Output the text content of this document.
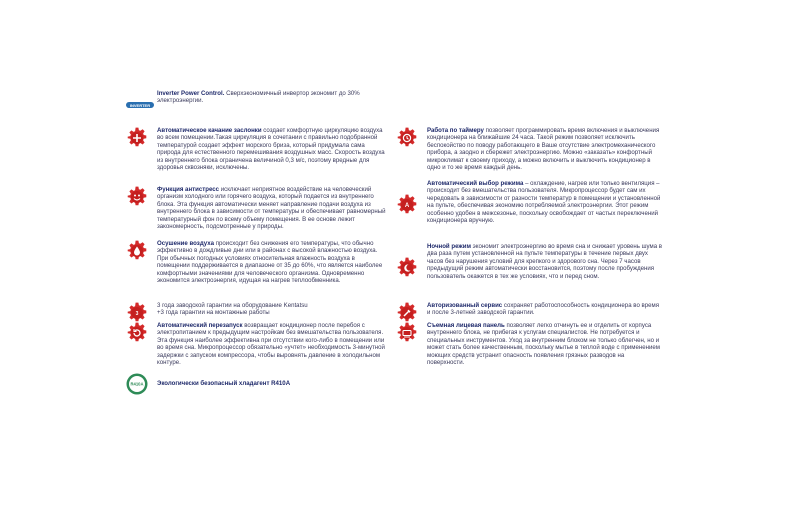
INVERTER
Inverter Power Control. Сверхэкономичный инвертор экономит до 30% электроэнергии.
Автоматическое качание заслонки создает комфортную циркуляцию воздуха во всем помещении.Такая циркуляция в сочетании с правильно подобранной температурой создает эффект морского бриза, который придумала сама природа для естественного перемешивания воздушных масс. Скорость воздуха из внутреннего блока ограничена величиной 0,3 м/с, поэтому вредные для здоровья сквозняки, исключены.
Функция антистресс исключает неприятное воздействие на человеческий организм холодного или горячего воздуха, который подается из внутреннего блока. Эта функция автоматически меняет направление подачи воздуха из внутреннего блока в зависимости от температуры и обеспечивает равномерный температурный фон по всему объему помещения. В ее основе лежит закономерность, подсмотренные у природы.
Осушение воздуха происходит без снижения его температуры, что обычно эффективно в дождливые дни или в районах с высокой влажностью воздуха. При обычных погодных условиях относительная влажность воздуха в помещении поддерживается в диапазоне от 35 до 60%, что является наиболее комфортными значениями для человеческого организма. Одновременно экономится электроэнергия, идущая на нагрев теплообменника.
3
3 года заводской гарантии на оборудование Kentatsu
+3 года гарантии на монтажные работы
Автоматический перезапуск возвращает кондиционер после перебоя с электропитанием к предыдущим настройкам без вмешательства пользователя. Эта функция наиболее эффективна при отсутствии кого-либо в помещении или во время сна. Микропроцессор обязательно «учтет» необходимость 3-минутной задержки с запуском компрессора, чтобы выровнять давление в холодильном контуре.
R410A Экологически безопасный хладагент R410A
Работа по таймеру позволяет программировать время включения и выключения кондиционера на ближайшие 24 часа. Такой режим позволяет исключить беспокойство по поводу работающего в Ваше отсутствие электромеханического прибора, а заодно и сбережет электроэнергию. Можно «заказать» конфортный микроклимат к своему приходу, а можно включить и выключить кондиционер в одно и то же время каждый день.
A
Автоматический выбор режима – охлаждение, нагрев или только вентиляция – происходит без вмешательства пользователя. Микропроцессор будет сам их чередовать в зависимости от разности температур в помещении и установленной на пульте, обеспечивая экономию потребляемой электроэнергии. Этот режим особенно удобен в межсезонье, поскольку освобождает от частых переключений кондиционера вручную.
Ночной режим экономит электроэнергию во время сна и снижает уровень шума в два раза путем установленной на пульте температуры в течение первых двух часов без нарушения условий для крепкого и здорового сна. Через 7 часов предыдущий режим автоматически восстановится, поэтому после пробуждения пользователь окажется в тех же условиях, что и перед сном.
Авторизованный сервис сохраняет работоспособность кондиционера во время и после 3-летней заводской гарантии.
Съемная лицевая панель позволяет легко отчинуть ее и отделить от корпуса внутреннего блока, не прибегая к услугам специалистов. Не потребуется и специальных инструментов. Уход за внутренним блоком не только облегчен, но и может стать более качественным, поскольку мытье в теплой воде с применением моющих средств устранит опасность появления грязных разводов на поверхности.
